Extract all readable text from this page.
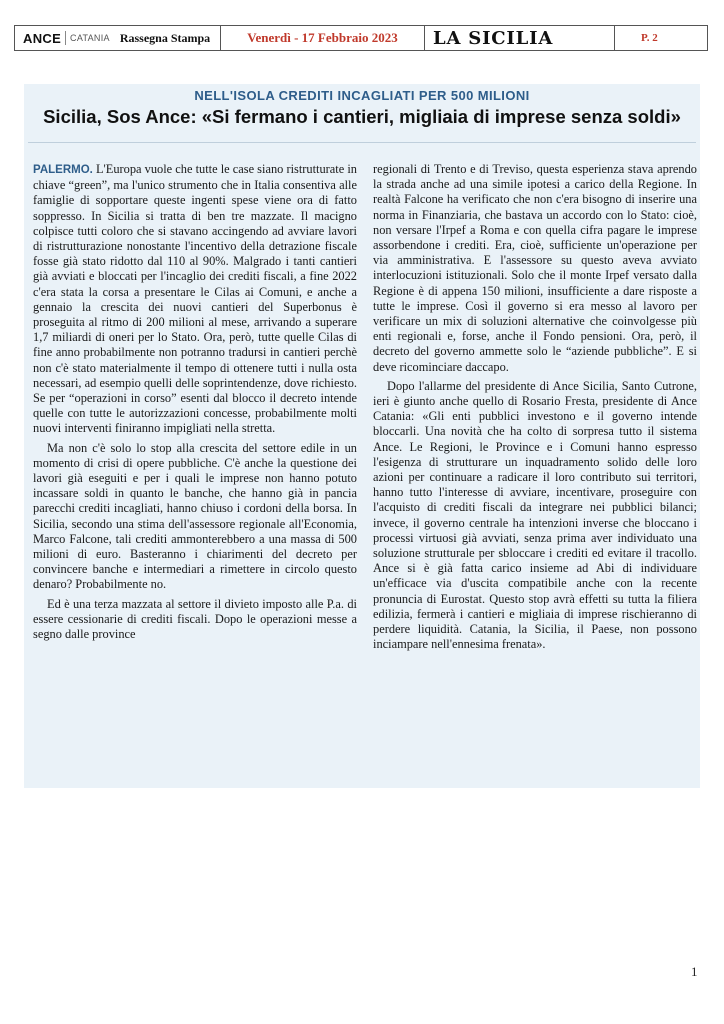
ANCE CATANIA Rassegna Stampa	Venerdì - 17 Febbraio 2023 LA SICILIA	P. 2
NELL'ISOLA CREDITI INCAGLIATI PER 500 MILIONI
Sicilia, Sos Ance: «Si fermano i cantieri, migliaia di imprese senza soldi»

PALERMO. L'Europa vuole che tutte le case siano ristrutturate in chiave “green”, ma l'unico strumento che in Italia consentiva alle famiglie di sopportare queste ingenti spese viene ora di fatto soppresso. In Sicilia si tratta di ben tre mazzate. Il macigno colpisce tutti coloro che si stavano accingendo ad avviare lavori di ristrutturazione nonostante l'incentivo della detrazione fiscale fosse già stato ridotto dal 110 al 90%. Malgrado i tanti cantieri già avviati e bloccati per l'incaglio dei crediti fiscali, a fine 2022 c'era stata la corsa a presentare le Cilas ai Comuni, e anche a gennaio la crescita dei nuovi cantieri del Superbonus è proseguita al ritmo di 200 milioni al mese, arrivando a superare 1,7 miliardi di oneri per lo Stato. Ora, però, tutte quelle Cilas di fine anno probabilmente non potranno tradursi in cantieri perchè non c'è stato materialmente il tempo di ottenere tutti i nulla osta necessari, ad esempio quelli delle soprintendenze, dove richiesto. Se per “operazioni in corso” esenti dal blocco il decreto intende quelle con tutte le autorizzazioni concesse, probabilmente molti nuovi interventi finiranno impigliati nella stretta.

Ma non c'è solo lo stop alla crescita del settore edile in un momento di crisi di opere pubbliche. C'è anche la questione dei lavori già eseguiti e per i quali le imprese non hanno potuto incassare soldi in quanto le banche, che hanno già in pancia parecchi crediti incagliati, hanno chiuso i cordoni della borsa. In Sicilia, secondo una stima dell'assessore regionale all'Economia, Marco Falcone, tali crediti ammonterebbero a una massa di 500 milioni di euro. Basteranno i chiarimenti del decreto per convincere banche e intermediari a rimettere in circolo questo denaro? Probabilmente no.

Ed è una terza mazzata al settore il divieto imposto alle P.a. di essere cessionarie di crediti fiscali. Dopo le operazioni messe a segno dalle province

regionali di Trento e di Treviso, questa esperienza stava aprendo la strada anche ad una simile ipotesi a carico della Regione. In realtà Falcone ha verificato che non c'era bisogno di inserire una norma in Finanziaria, che bastava un accordo con lo Stato: cioè, non versare l'Irpef a Roma e con quella cifra pagare le imprese assorbendone i crediti. Era, cioè, sufficiente un'operazione per via amministrativa. E l'assessore su questo aveva avviato interlocuzioni istituzionali. Solo che il monte Irpef versato dalla Regione è di appena 150 milioni, insufficiente a dare risposte a tutte le imprese. Così il governo si era messo al lavoro per verificare un mix di soluzioni alternative che coinvolgesse più enti regionali e, forse, anche il Fondo pensioni. Ora, però, il decreto del governo ammette solo le “aziende pubbliche”. E si deve ricominciare daccapo.

Dopo l'allarme del presidente di Ance Sicilia, Santo Cutrone, ieri è giunto anche quello di Rosario Fresta, presidente di Ance Catania: «Gli enti pubblici investono e il governo intende bloccarli. Una novità che ha colto di sorpresa tutto il sistema Ance. Le Regioni, le Province e i Comuni hanno espresso l'esigenza di strutturare un inquadramento solido delle loro azioni per continuare a radicare il loro contributo sui territori, hanno tutto l'interesse di avviare, incentivare, proseguire con l'acquisto di crediti fiscali da integrare nei pubblici bilanci; invece, il governo centrale ha intenzioni inverse che bloccano i processi virtuosi già avviati, senza prima aver individuato una soluzione strutturale per sbloccare i crediti ed evitare il tracollo. Ance si è già fatta carico insieme ad Abi di individuare un'efficace via d'uscita compatibile anche con la recente pronuncia di Eurostat. Questo stop avrà effetti su tutta la filiera edilizia, fermerà i cantieri e migliaia di imprese rischieranno di perdere liquidità. Catania, la Sicilia, il Paese, non possono inciampare nell'ennesima frenata».

1
